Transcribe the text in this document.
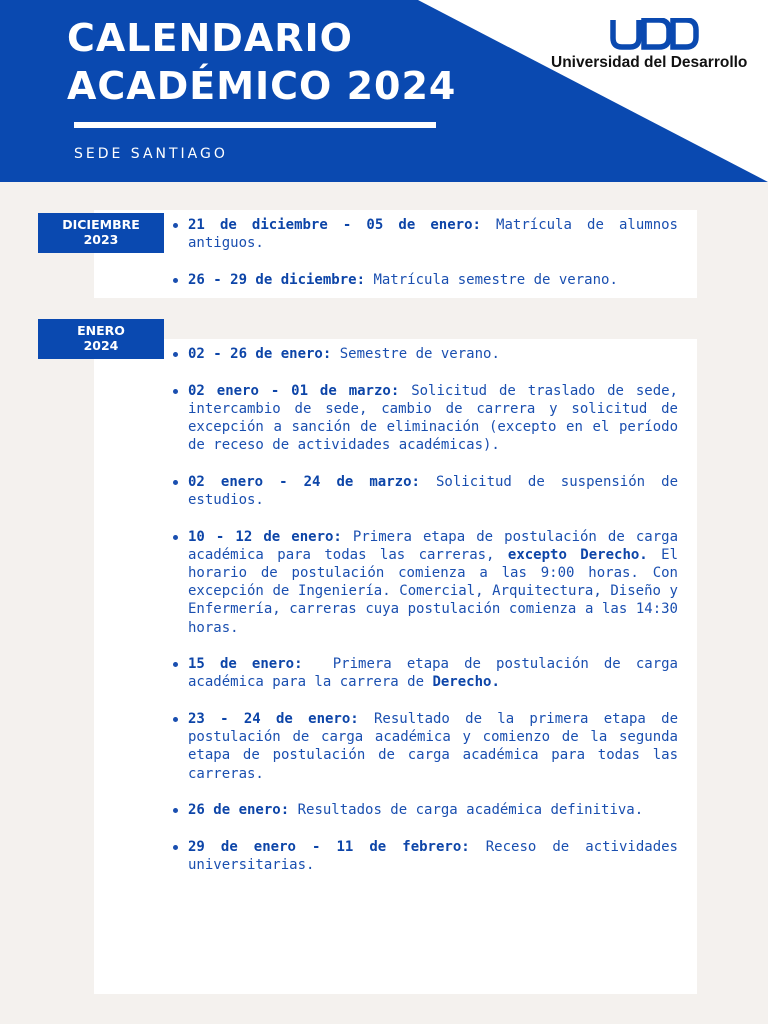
CALENDARIO
ACADÉMICO 2024
SEDE SANTIAGO
Universidad del Desarrollo
DICIEMBRE
2023
21 de diciembre - 05 de enero: Matrícula de alumnos antiguos.
26 - 29 de diciembre: Matrícula semestre de verano.
ENERO
2024
02 - 26 de enero: Semestre de verano.
02 enero - 01 de marzo: Solicitud de traslado de sede, intercambio de sede, cambio de carrera y solicitud de excepción a sanción de eliminación (excepto en el período de receso de actividades académicas).
02 enero - 24 de marzo: Solicitud de suspensión de estudios.
10 - 12 de enero: Primera etapa de postulación de carga académica para todas las carreras, excepto Derecho. El horario de postulación comienza a las 9:00 horas. Con excepción de Ingeniería. Comercial, Arquitectura, Diseño y Enfermería, carreras cuya postulación comienza a las 14:30 horas.
15 de enero:  Primera etapa de postulación de carga académica para la carrera de Derecho.
23 - 24 de enero: Resultado de la primera etapa de postulación de carga académica y comienzo de la segunda etapa de postulación de carga académica para todas las carreras.
26 de enero: Resultados de carga académica definitiva.
29 de enero - 11 de febrero: Receso de actividades universitarias.
